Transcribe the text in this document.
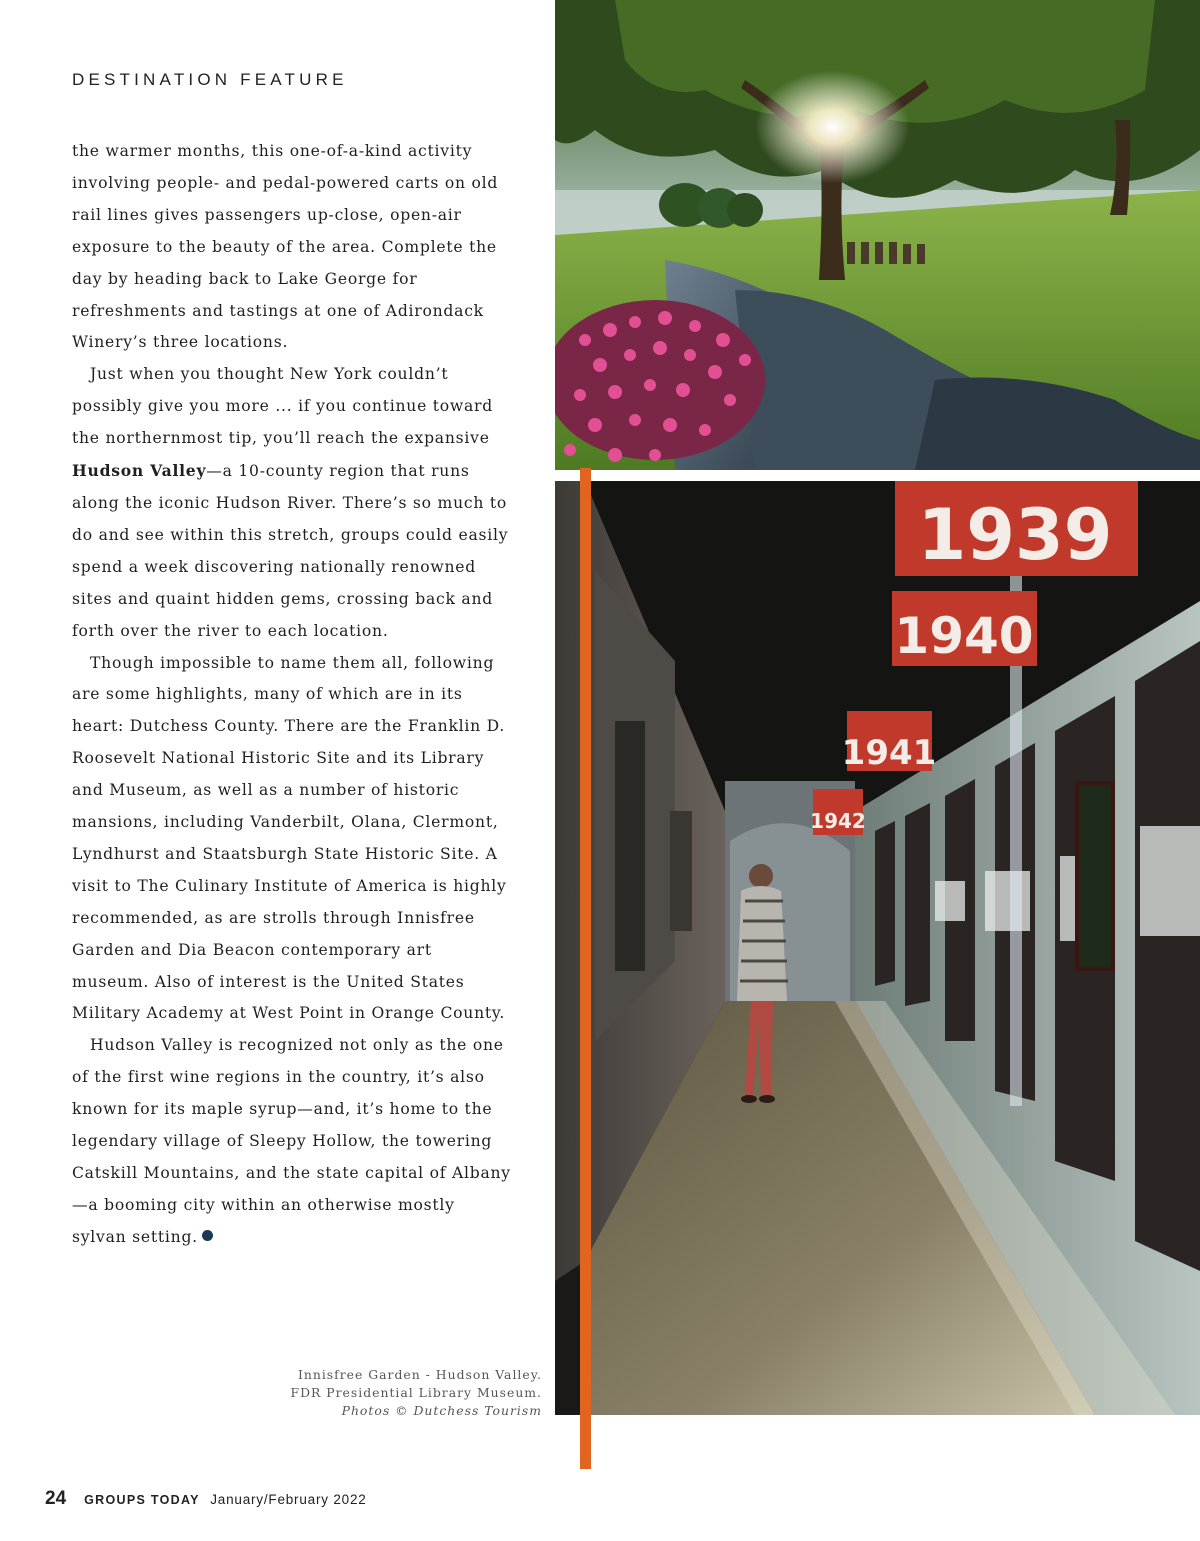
DESTINATION FEATURE

the warmer months, this one-of-a-kind activity involving people- and pedal-powered carts on old rail lines gives passengers up-close, open-air exposure to the beauty of the area. Complete the day by heading back to Lake George for refreshments and tastings at one of Adirondack Winery’s three locations.

Just when you thought New York couldn’t possibly give you more ... if you continue toward the northernmost tip, you’ll reach the expansive Hudson Valley—a 10-county region that runs along the iconic Hudson River. There’s so much to do and see within this stretch, groups could easily spend a week discovering nationally renowned sites and quaint hidden gems, crossing back and forth over the river to each location.

Though impossible to name them all, following are some highlights, many of which are in its heart: Dutchess County. There are the Franklin D. Roosevelt National Historic Site and its Library and Museum, as well as a number of historic mansions, including Vanderbilt, Olana, Clermont, Lyndhurst and Staatsburgh State Historic Site. A visit to The Culinary Institute of America is highly recommended, as are strolls through Innisfree Garden and Dia Beacon contemporary art museum. Also of interest is the United States Military Academy at West Point in Orange County.

Hudson Valley is recognized not only as the one of the first wine regions in the country, it’s also known for its maple syrup—and, it’s home to the legendary village of Sleepy Hollow, the towering Catskill Mountains, and the state capital of Albany—a booming city within an otherwise mostly sylvan setting.

Innisfree Garden - Hudson Valley.
FDR Presidential Library Museum.
Photos © Dutchess Tourism
1939
1940
1941
1942
24 GROUPS TODAY January/February 2022
